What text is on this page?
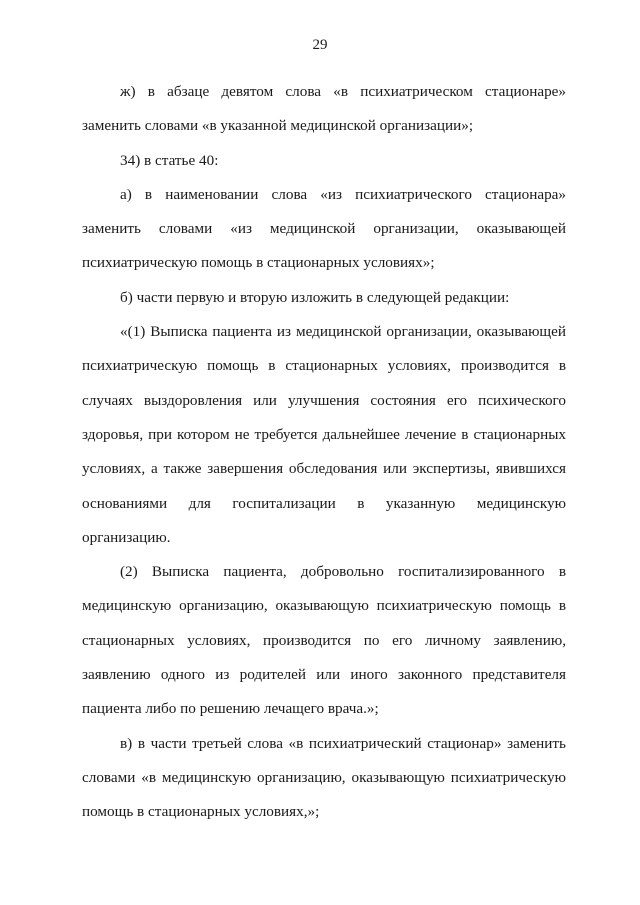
29

ж) в абзаце девятом слова «в психиатрическом стационаре» заменить словами «в указанной медицинской организации»;

34) в статье 40:

а) в наименовании слова «из психиатрического стационара» заменить словами «из медицинской организации, оказывающей психиатрическую помощь в стационарных условиях»;

б) части первую и вторую изложить в следующей редакции:

«(1) Выписка пациента из медицинской организации, оказывающей психиатрическую помощь в стационарных условиях, производится в случаях выздоровления или улучшения состояния его психического здоровья, при котором не требуется дальнейшее лечение в стационарных условиях, а также завершения обследования или экспертизы, явившихся основаниями для госпитализации в указанную медицинскую организацию.

(2) Выписка пациента, добровольно госпитализированного в медицинскую организацию, оказывающую психиатрическую помощь в стационарных условиях, производится по его личному заявлению, заявлению одного из родителей или иного законного представителя пациента либо по решению лечащего врача.»;

в) в части третьей слова «в психиатрический стационар» заменить словами «в медицинскую организацию, оказывающую психиатрическую помощь в стационарных условиях,»;
